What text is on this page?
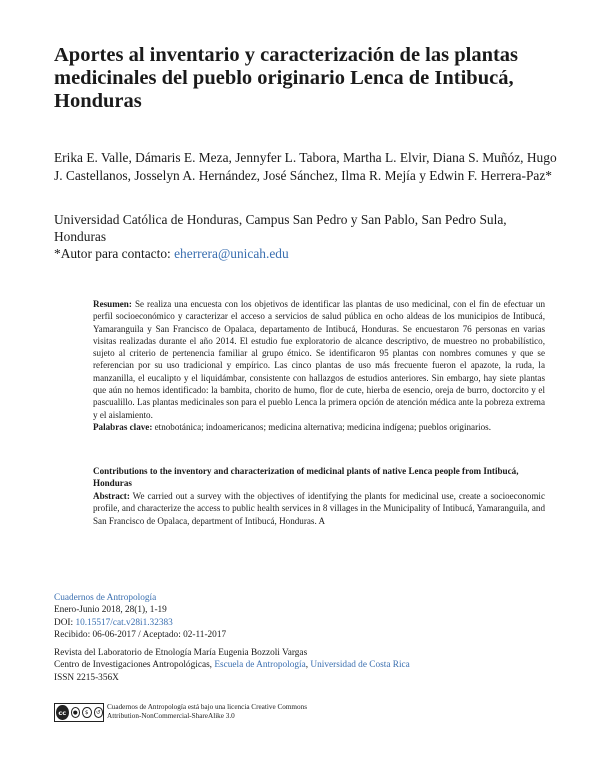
Aportes al inventario y caracterización de las plantas medicinales del pueblo originario Lenca de Intibucá, Honduras
Erika E. Valle, Dámaris E. Meza, Jennyfer L. Tabora, Martha L. Elvir, Diana S. Muñóz, Hugo J. Castellanos, Josselyn A. Hernández, José Sánchez, Ilma R. Mejía y Edwin F. Herrera-Paz*
Universidad Católica de Honduras, Campus San Pedro y San Pablo, San Pedro Sula, Honduras
*Autor para contacto: eherrera@unicah.edu
Resumen: Se realiza una encuesta con los objetivos de identificar las plantas de uso medicinal, con el fin de efectuar un perfil socioeconómico y caracterizar el acceso a servicios de salud pública en ocho aldeas de los municipios de Intibucá, Yamaranguila y San Francisco de Opalaca, departamento de Intibucá, Honduras. Se encuestaron 76 personas en varias visitas realizadas durante el año 2014. El estudio fue exploratorio de alcance descriptivo, de muestreo no probabilístico, sujeto al criterio de pertenencia familiar al grupo étnico. Se identificaron 95 plantas con nombres comunes y que se referencian por su uso tradicional y empírico. Las cinco plantas de uso más frecuente fueron el apazote, la ruda, la manzanilla, el eucalipto y el liquidámbar, consistente con hallazgos de estudios anteriores. Sin embargo, hay siete plantas que aún no hemos identificado: la bambita, chorito de humo, flor de cute, hierba de esencio, oreja de burro, doctorcito y el pascualillo. Las plantas medicinales son para el pueblo Lenca la primera opción de atención médica ante la pobreza extrema y el aislamiento.
Palabras clave: etnobotánica; indoamericanos; medicina alternativa; medicina indígena; pueblos originarios.
Contributions to the inventory and characterization of medicinal plants of native Lenca people from Intibucá, Honduras
Abstract: We carried out a survey with the objectives of identifying the plants for medicinal use, create a socioeconomic profile, and characterize the access to public health services in 8 villages in the Municipality of Intibucá, Yamaranguila, and San Francisco de Opalaca, department of Intibucá, Honduras. A
Cuadernos de Antropología
Enero-Junio 2018, 28(1), 1-19
DOI: 10.15517/cat.v28i1.32383
Recibido: 06-06-2017 / Aceptado: 02-11-2017
Revista del Laboratorio de Etnología María Eugenia Bozzoli Vargas
Centro de Investigaciones Antropológicas, Escuela de Antropología, Universidad de Costa Rica
ISSN 2215-356X
cc	●	$	↺
Cuadernos de Antropología está bajo una licencia Creative Commons
Attribution-NonCommercial-ShareAlike 3.0
